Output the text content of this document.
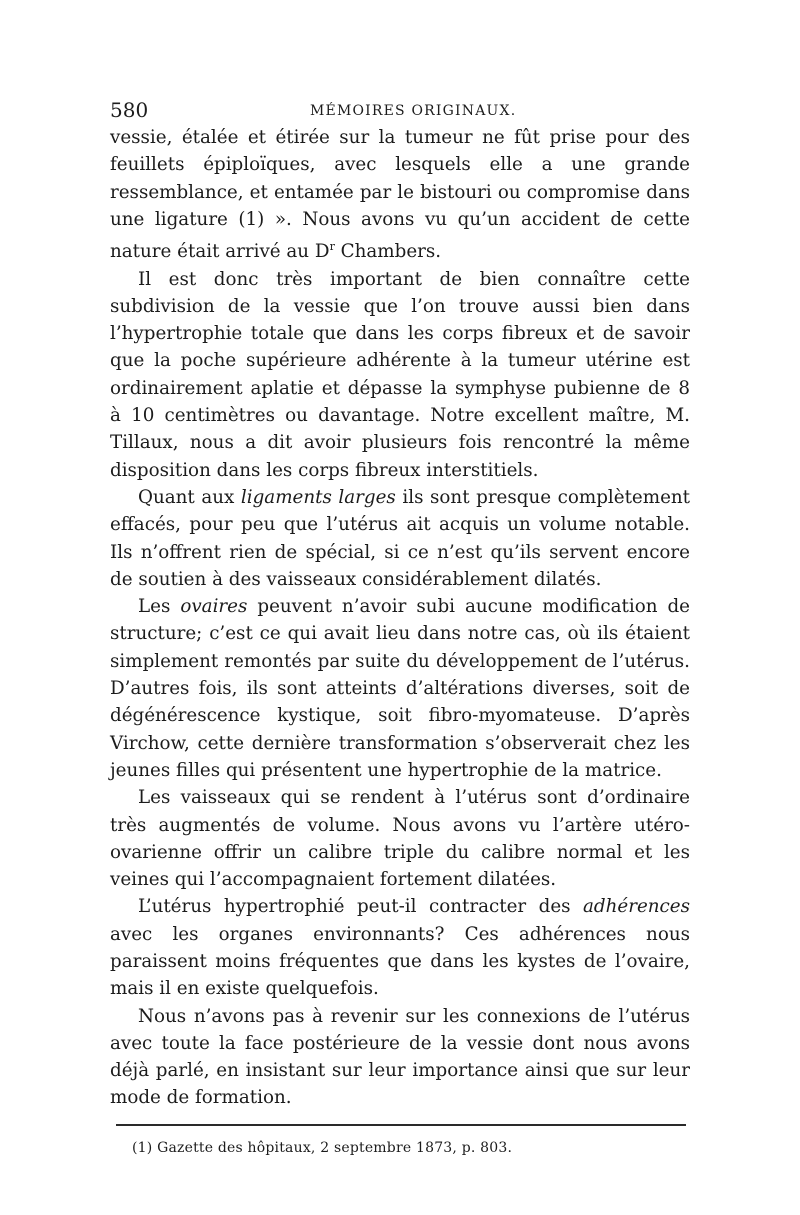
580	MÉMOIRES ORIGINAUX.

vessie, étalée et étirée sur la tumeur ne fût prise pour des feuillets épiploïques, avec lesquels elle a une grande ressemblance, et entamée par le bistouri ou compromise dans une ligature (1) ». Nous avons vu qu’un accident de cette nature était arrivé au $D^r$ Chambers.

Il est donc très important de bien connaître cette subdivision de la vessie que l’on trouve aussi bien dans l’hypertrophie totale que dans les corps fibreux et de savoir que la poche supérieure adhérente à la tumeur utérine est ordinairement aplatie et dépasse la symphyse pubienne de 8 à 10 centimètres ou davantage. Notre excellent maître, M. Tillaux, nous a dit avoir plusieurs fois rencontré la même disposition dans les corps fibreux interstitiels.

Quant aux ligaments larges ils sont presque complètement effacés, pour peu que l’utérus ait acquis un volume notable. Ils n’offrent rien de spécial, si ce n’est qu’ils servent encore de soutien à des vaisseaux considérablement dilatés.

Les ovaires peuvent n’avoir subi aucune modification de structure; c’est ce qui avait lieu dans notre cas, où ils étaient simplement remontés par suite du développement de l’utérus. D’autres fois, ils sont atteints d’altérations diverses, soit de dégénérescence kystique, soit fibro-myomateuse. D’après Virchow, cette dernière transformation s’observerait chez les jeunes filles qui présentent une hypertrophie de la matrice.

Les vaisseaux qui se rendent à l’utérus sont d’ordinaire très augmentés de volume. Nous avons vu l’artère utéro-ovarienne offrir un calibre triple du calibre normal et les veines qui l’accompagnaient fortement dilatées.

L’utérus hypertrophié peut-il contracter des adhérences avec les organes environnants? Ces adhérences nous paraissent moins fréquentes que dans les kystes de l’ovaire, mais il en existe quelquefois.

Nous n’avons pas à revenir sur les connexions de l’utérus avec toute la face postérieure de la vessie dont nous avons déjà parlé, en insistant sur leur importance ainsi que sur leur mode de formation.

(1) Gazette des hôpitaux, 2 septembre 1873, p. 803.
